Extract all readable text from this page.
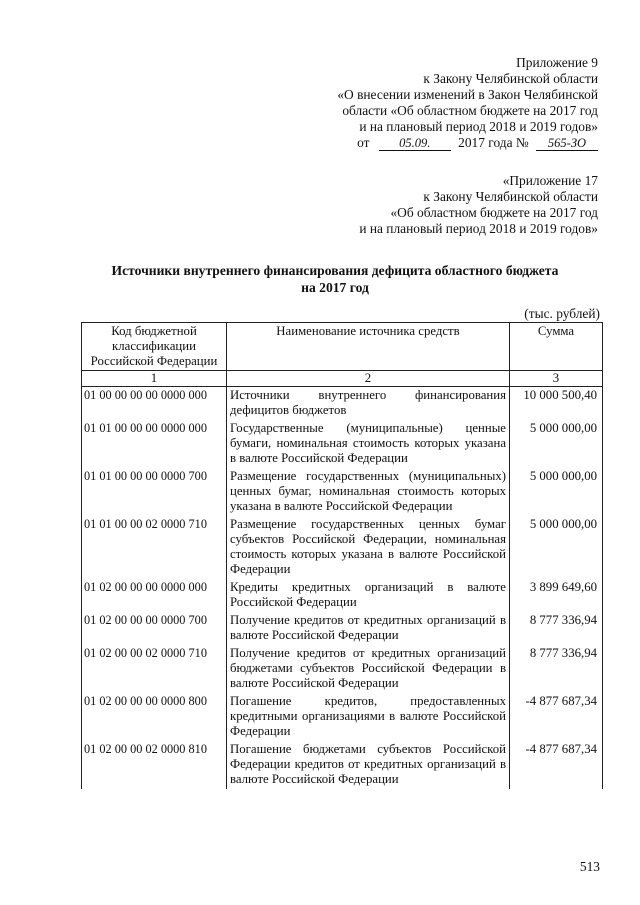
Приложение 9
к Закону Челябинской области
«О внесении изменений в Закон Челябинской
области «Об областном бюджете на 2017 год
и на плановый период 2018 и 2019 годов»
от 05.09. 2017 года № 565-ЗО
«Приложение 17
к Закону Челябинской области
«Об областном бюджете на 2017 год
и на плановый период 2018 и 2019 годов»
Источники внутреннего финансирования дефицита областного бюджета
на 2017 год
(тыс. рублей)
Код бюджетной классификации Российской Федерации	Наименование источника средств	Сумма
1	2	3
01 00 00 00 00 0000 000	Источники внутреннего финансирования дефицитов бюджетов	10 000 500,40
01 01 00 00 00 0000 000	Государственные (муниципальные) ценные бумаги, номинальная стоимость которых указана в валюте Российской Федерации	5 000 000,00
01 01 00 00 00 0000 700	Размещение государственных (муниципальных) ценных бумаг, номинальная стоимость которых указана в валюте Российской Федерации	5 000 000,00
01 01 00 00 02 0000 710	Размещение государственных ценных бумаг субъектов Российской Федерации, номинальная стоимость которых указана в валюте Российской Федерации	5 000 000,00
01 02 00 00 00 0000 000	Кредиты кредитных организаций в валюте Российской Федерации	3 899 649,60
01 02 00 00 00 0000 700	Получение кредитов от кредитных организаций в валюте Российской Федерации	8 777 336,94
01 02 00 00 02 0000 710	Получение кредитов от кредитных организаций бюджетами субъектов Российской Федерации в валюте Российской Федерации	8 777 336,94
01 02 00 00 00 0000 800	Погашение кредитов, предоставленных кредитными организациями в валюте Российской Федерации	-4 877 687,34
01 02 00 00 02 0000 810	Погашение бюджетами субъектов Российской Федерации кредитов от кредитных организаций в валюте Российской Федерации	-4 877 687,34
513
